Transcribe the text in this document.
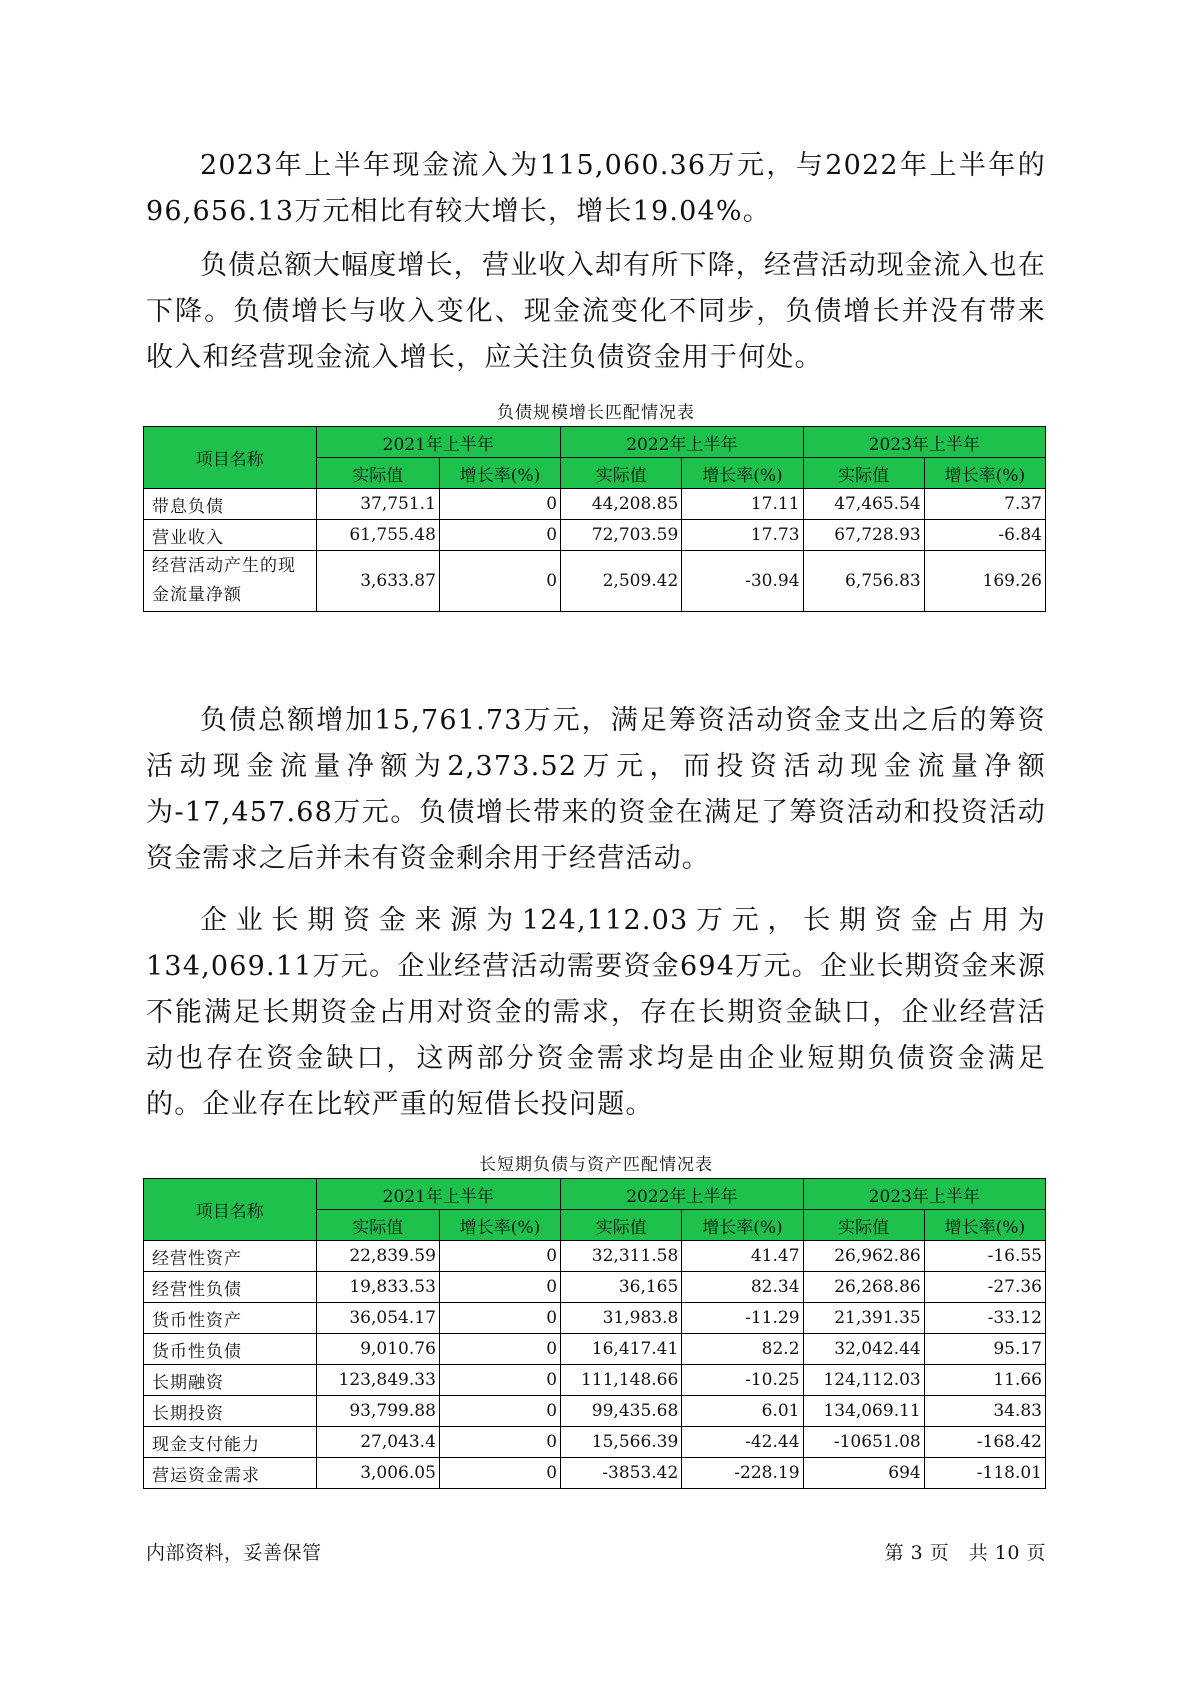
2023年上半年现金流入为115,060.36万元，与2022年上半年的96,656.13万元相比有较大增长，增长19.04%。

负债总额大幅度增长，营业收入却有所下降，经营活动现金流入也在下降。负债增长与收入变化、现金流变化不同步，负债增长并没有带来收入和经营现金流入增长，应关注负债资金用于何处。

负债规模增长匹配情况表
项目名称	2021年上半年		2022年上半年		2023年上半年	
	实际值	增长率(%)	实际值	增长率(%)	实际值	增长率(%)
带息负债	37,751.1	0	44,208.85	17.11	47,465.54	7.37
营业收入	61,755.48	0	72,703.59	17.73	67,728.93	-6.84
经营活动产生的现金流量净额	3,633.87	0	2,509.42	-30.94	6,756.83	169.26

负债总额增加15,761.73万元，满足筹资活动资金支出之后的筹资活动现金流量净额为2,373.52万元，而投资活动现金流量净额为-17,457.68万元。负债增长带来的资金在满足了筹资活动和投资活动资金需求之后并未有资金剩余用于经营活动。

企业长期资金来源为124,112.03万元，长期资金占用为134,069.11万元。企业经营活动需要资金694万元。企业长期资金来源不能满足长期资金占用对资金的需求，存在长期资金缺口，企业经营活动也存在资金缺口，这两部分资金需求均是由企业短期负债资金满足的。企业存在比较严重的短借长投问题。

长短期负债与资产匹配情况表
项目名称	2021年上半年		2022年上半年		2023年上半年	
	实际值	增长率(%)	实际值	增长率(%)	实际值	增长率(%)
经营性资产	22,839.59	0	32,311.58	41.47	26,962.86	-16.55
经营性负债	19,833.53	0	36,165	82.34	26,268.86	-27.36
货币性资产	36,054.17	0	31,983.8	-11.29	21,391.35	-33.12
货币性负债	9,010.76	0	16,417.41	82.2	32,042.44	95.17
长期融资	123,849.33	0	111,148.66	-10.25	124,112.03	11.66
长期投资	93,799.88	0	99,435.68	6.01	134,069.11	34.83
现金支付能力	27,043.4	0	15,566.39	-42.44	-10651.08	-168.42
营运资金需求	3,006.05	0	-3853.42	-228.19	694	-118.01
内部资料，妥善保管	第 3 页　共 10 页
